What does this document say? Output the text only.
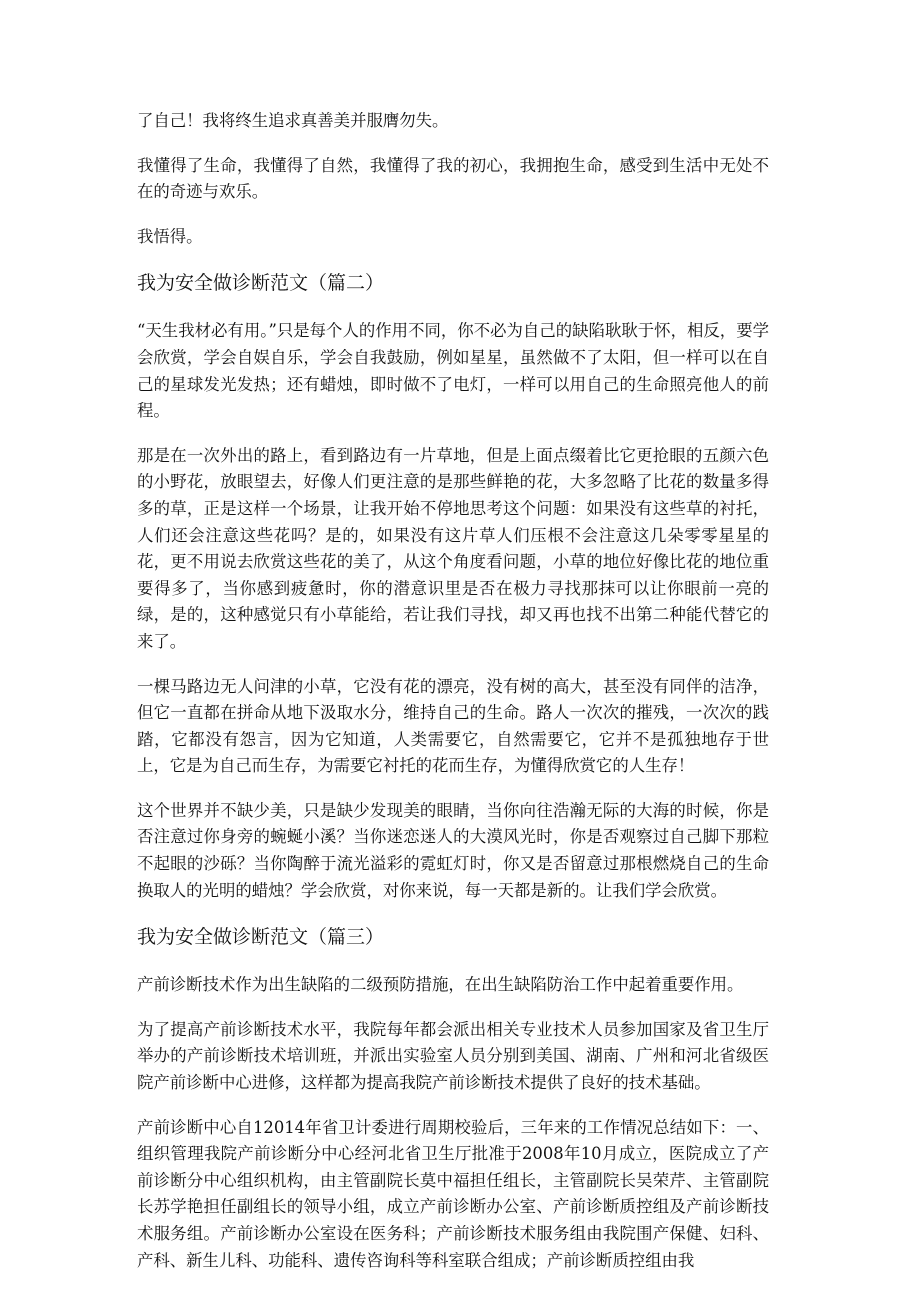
了自己！我将终生追求真善美并服膺勿失。

我懂得了生命，我懂得了自然，我懂得了我的初心，我拥抱生命，感受到生活中无处不在的奇迹与欢乐。

我悟得。

我为安全做诊断范文（篇二）

“天生我材必有用。”只是每个人的作用不同，你不必为自己的缺陷耿耿于怀，相反，要学会欣赏，学会自娱自乐，学会自我鼓励，例如星星，虽然做不了太阳，但一样可以在自己的星球发光发热；还有蜡烛，即时做不了电灯，一样可以用自己的生命照亮他人的前程。

那是在一次外出的路上，看到路边有一片草地，但是上面点缀着比它更抢眼的五颜六色的小野花，放眼望去，好像人们更注意的是那些鲜艳的花，大多忽略了比花的数量多得多的草，正是这样一个场景，让我开始不停地思考这个问题：如果没有这些草的衬托，人们还会注意这些花吗？是的，如果没有这片草人们压根不会注意这几朵零零星星的花，更不用说去欣赏这些花的美了，从这个角度看问题，小草的地位好像比花的地位重要得多了，当你感到疲惫时，你的潜意识里是否在极力寻找那抹可以让你眼前一亮的绿，是的，这种感觉只有小草能给，若让我们寻找，却又再也找不出第二种能代替它的来了。

一棵马路边无人问津的小草，它没有花的漂亮，没有树的高大，甚至没有同伴的洁净，但它一直都在拼命从地下汲取水分，维持自己的生命。路人一次次的摧残，一次次的践踏，它都没有怨言，因为它知道，人类需要它，自然需要它，它并不是孤独地存于世上，它是为自己而生存，为需要它衬托的花而生存，为懂得欣赏它的人生存！

这个世界并不缺少美，只是缺少发现美的眼睛，当你向往浩瀚无际的大海的时候，你是否注意过你身旁的蜿蜒小溪？当你迷恋迷人的大漠风光时，你是否观察过自己脚下那粒不起眼的沙砾？当你陶醉于流光溢彩的霓虹灯时，你又是否留意过那根燃烧自己的生命换取人的光明的蜡烛？学会欣赏，对你来说，每一天都是新的。让我们学会欣赏。

我为安全做诊断范文（篇三）

产前诊断技术作为出生缺陷的二级预防措施，在出生缺陷防治工作中起着重要作用。

为了提高产前诊断技术水平，我院每年都会派出相关专业技术人员参加国家及省卫生厅举办的产前诊断技术培训班，并派出实验室人员分别到美国、湖南、广州和河北省级医院产前诊断中心进修，这样都为提高我院产前诊断技术提供了良好的技术基础。

产前诊断中心自12014年省卫计委进行周期校验后，三年来的工作情况总结如下：一、组织管理我院产前诊断分中心经河北省卫生厅批准于2008年10月成立，医院成立了产前诊断分中心组织机构，由主管副院长莫中福担任组长，主管副院长吴荣芹、主管副院长苏学艳担任副组长的领导小组，成立产前诊断办公室、产前诊断质控组及产前诊断技术服务组。产前诊断办公室设在医务科；产前诊断技术服务组由我院围产保健、妇科、产科、新生儿科、功能科、遗传咨询科等科室联合组成；产前诊断质控组由我
